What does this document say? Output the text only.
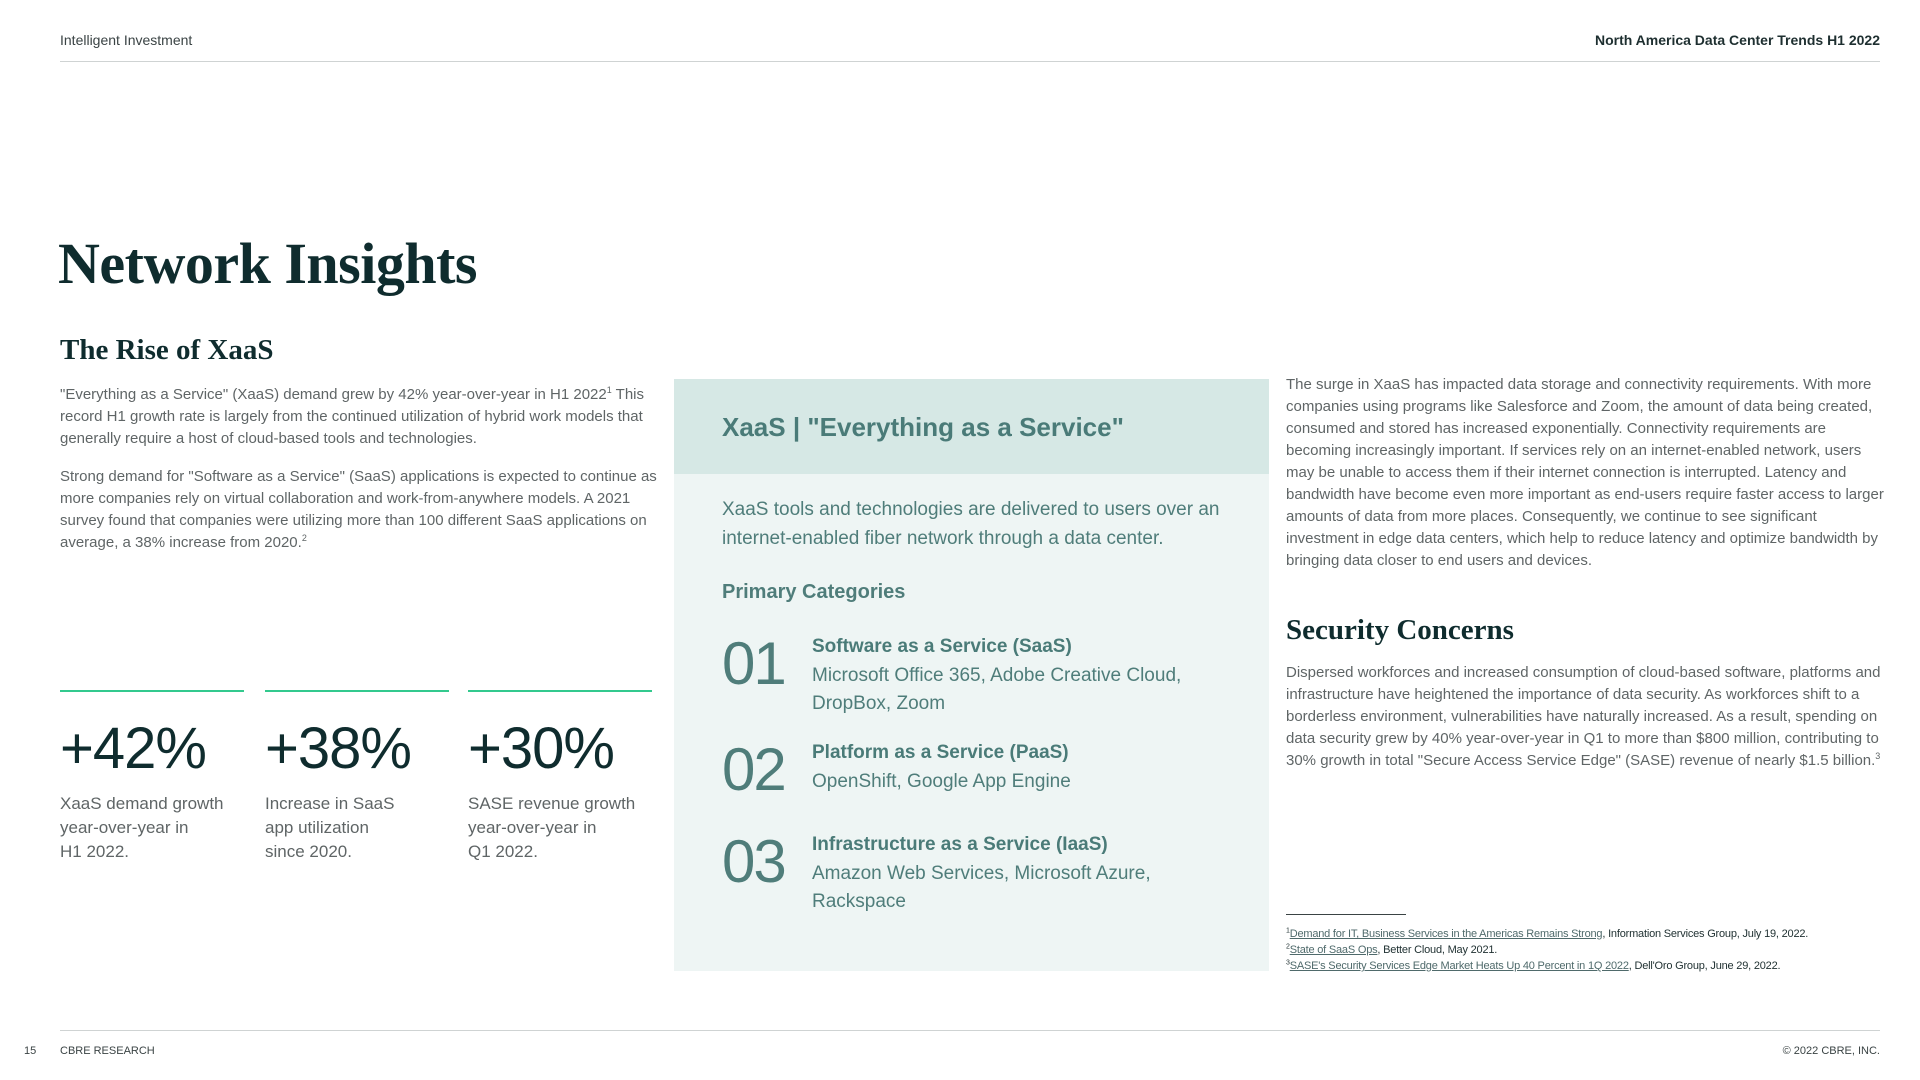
Intelligent Investment	North America Data Center Trends H1 2022
Network Insights
The Rise of XaaS

"Everything as a Service" (XaaS) demand grew by 42% year-over-year in H1 2022$^1$ This record H1 growth rate is largely from the continued utilization of hybrid work models that generally require a host of cloud-based tools and technologies.

Strong demand for "Software as a Service" (SaaS) applications is expected to continue as more companies rely on virtual collaboration and work-from-anywhere models. A 2021 survey found that companies were utilizing more than 100 different SaaS applications on average, a 38% increase from 2020.$^2$

+42%
XaaS demand growth
year-over-year in
H1 2022.
+38%
Increase in SaaS
app utilization
since 2020.
+30%
SASE revenue growth
year-over-year in
Q1 2022.
XaaS | "Everything as a Service"
XaaS tools and technologies are delivered to users over an internet-enabled fiber network through a data center.
Primary Categories
01 Software as a Service (SaaS)
Microsoft Office 365, Adobe Creative Cloud, DropBox, Zoom
02 Platform as a Service (PaaS)
OpenShift, Google App Engine
03 Infrastructure as a Service (IaaS)
Amazon Web Services, Microsoft Azure, Rackspace

The surge in XaaS has impacted data storage and connectivity requirements. With more companies using programs like Salesforce and Zoom, the amount of data being created, consumed and stored has increased exponentially. Connectivity requirements are becoming increasingly important. If services rely on an internet-enabled network, users may be unable to access them if their internet connection is interrupted. Latency and bandwidth have become even more important as end-users require faster access to larger amounts of data from more places. Consequently, we continue to see significant investment in edge data centers, which help to reduce latency and optimize bandwidth by bringing data closer to end users and devices.

Security Concerns

Dispersed workforces and increased consumption of cloud-based software, platforms and infrastructure have heightened the importance of data security. As workforces shift to a borderless environment, vulnerabilities have naturally increased. As a result, spending on data security grew by 40% year-over-year in Q1 to more than $800 million, contributing to 30% growth in total "Secure Access Service Edge" (SASE) revenue of nearly $1.5 billion.$^3$

$^1$Demand for IT, Business Services in the Americas Remains Strong, Information Services Group, July 19, 2022.
$^2$State of SaaS Ops, Better Cloud, May 2021.
$^3$SASE's Security Services Edge Market Heats Up 40 Percent in 1Q 2022, Dell'Oro Group, June 29, 2022.
15 CBRE RESEARCH	© 2022 CBRE, INC.
